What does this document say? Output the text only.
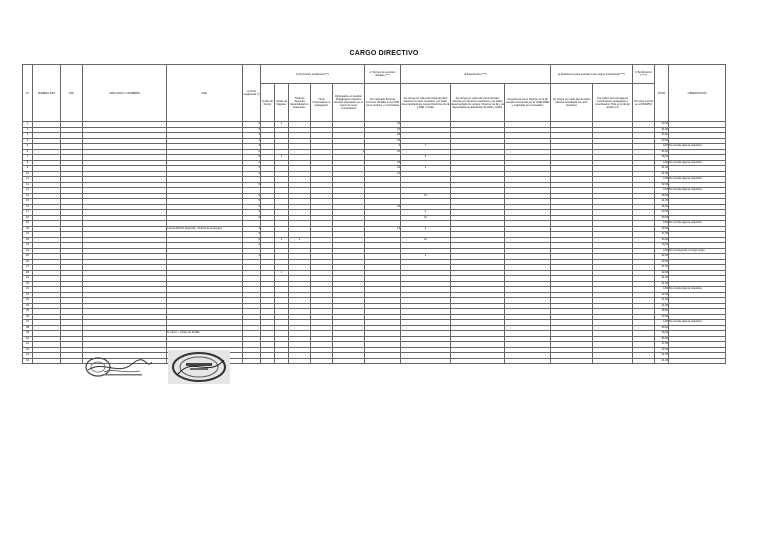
CARGO DIRECTIVO
N°	NUMERO EXP	DNI	APELLIDOS Y NOMBRES	II.EE.	a) Nivel magisterial (*)	b) Formación académica (**)					c) Tiempo de servicios oficiales (***)	d) Experiencia (****)			e) Experiencia para postular a los cargos (conquista)(*****)		f) Bonificación (*****)	TOTAL	OBSERVACION
						Grado de Doctor	Grado de Magister	Título de Segunda Especialidad en Educación	Título Universitario no pedagógico	Diplomados en Gestión Pedagógica o Gestión Escolar efectuados en el marco de la ley Universitaria	Por cada año fiscal de servicios oficiales en la CPM como profesor y nombrado/a	Se otorga por cada año fiscal de labor efectiva con acto resolutivo, por haber desempeñado los cargos Directivos de IE y DRE o UGEL	Se otorga por cada año fiscal de labor efectiva con 02 actos resolutivos, por haber desempeñado los cargos: Directivo de IE y de Especialista en Educación de DRE y UGEL	Experiencia como Director en la IE privada reconocida por la UGEL/DRE y registrado en el escalafón	Se otorga por cada año de labor efectiva acreditada con acto resolutivo	Por haber asumido alguna coordinación pedagógica o coordinación TOE en la IE del ámbito 4.5	Por estar inscrito en el RNEPSD		
1					5		1				25							34.00	
2					5						15							31.00	
3					3						18							24.00	
4					4						19							23.00	
5					4						4	7						0.00	No cumple alguna requisitos
6					5					1	25							36.00	
7					5		1					6						35.00	
8					4						23							0.00	No cumple alguna requisitos
9					5						22	2						31.00	
10					3						13							21.00	
11																		0.00	No cumple alguna requisitos
12					5													32.00	
13																		0.00	No cumple alguna requisitos
14					5							10						25.00	
15					5													31.00	
16					5						25							36.00	
17					3							2						23.00	
18					5							10						29.00	
19																		0.00	No cumple alguna requisitos
20				Cuenta Alberto Segunda - Chacra de Huancayo	3						13	3						18.00	
21					5													27.00	
22					5		1	1				12						34.00	
23					4													33.00	
24																		0.00	No corresponde al cargo cargo
25					4							2						32.00	
26																		29.00	
27																		31.00	
28							1											32.00	
29																		31.00	
30																		21.00	
31																		0.00	No cumple alguna requisitos
32																		22.00	
33																		21.00	
34																		21.00	
35																		18.00	
36																		24.00	
37																		0.00	No cumple alguna requisitos
38																		28.00	
39				N. Alcorn - Chapa de Padilla														30.00	
40																		35.00	
41																		27.00	
42																		34.00	
43																		21.00	
44																		21.00	
